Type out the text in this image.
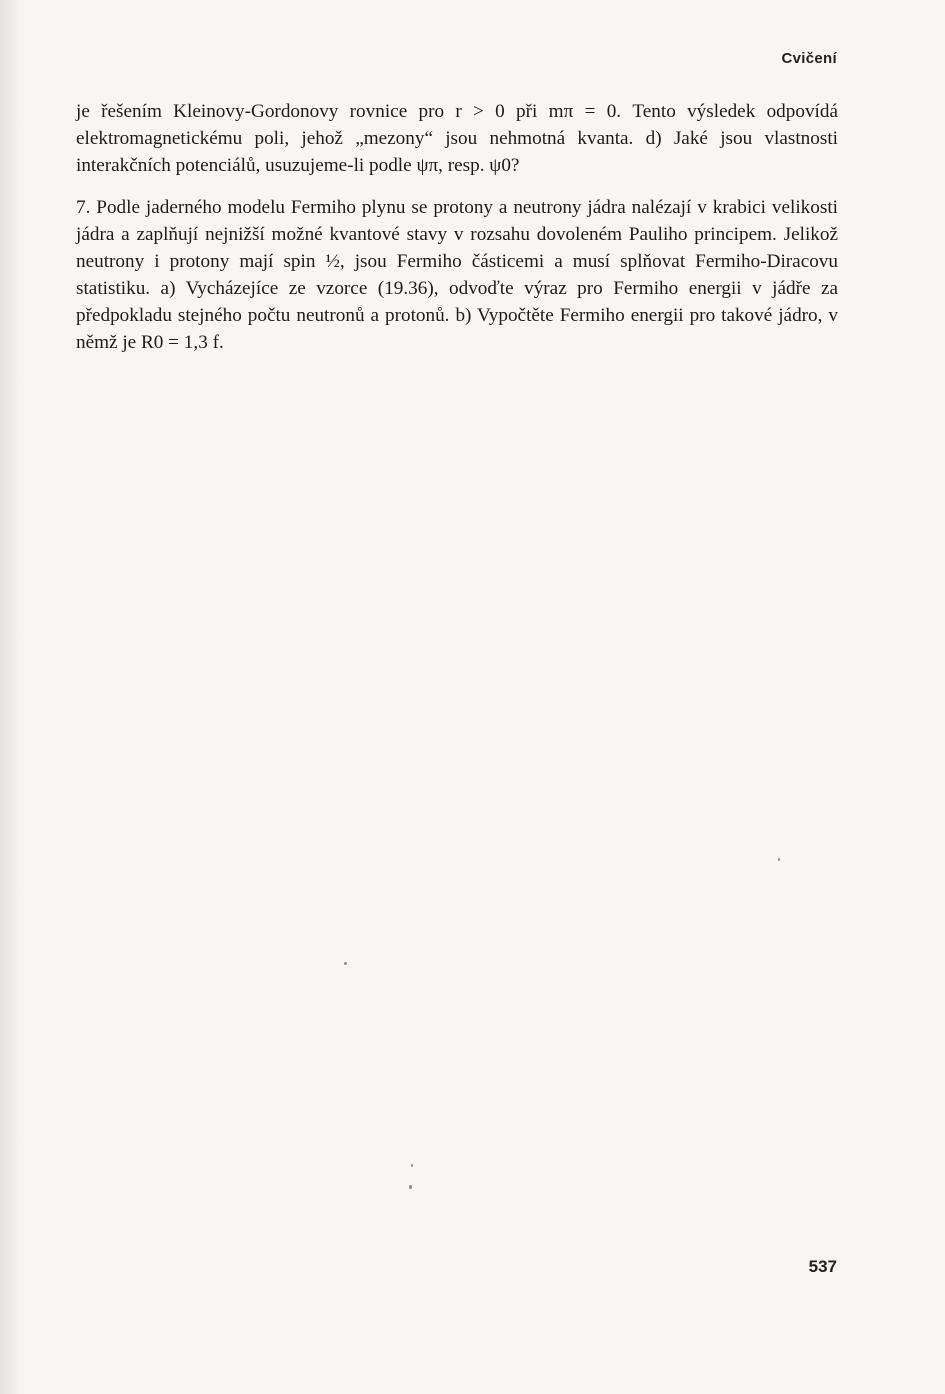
Cvičení

je řešením Kleinovy-Gordonovy rovnice pro r > 0 při mπ = 0. Tento výsledek odpovídá elektromagnetickému poli, jehož „mezony“ jsou nehmotná kvanta. d) Jaké jsou vlastnosti interakčních potenciálů, usuzujeme-li podle ψπ, resp. ψ0?

7. Podle jaderného modelu Fermiho plynu se protony a neutrony jádra nalézají v krabici velikosti jádra a zaplňují nejnižší možné kvantové stavy v rozsahu dovoleném Pauliho principem. Jelikož neutrony i protony mají spin ½, jsou Fermiho částicemi a musí splňovat Fermiho-Diracovu statistiku. a) Vycházejíce ze vzorce (19.36), odvoďte výraz pro Fermiho energii v jádře za předpokladu stejného počtu neutronů a protonů. b) Vypočtěte Fermiho energii pro takové jádro, v němž je R0 = 1,3 f.

537
